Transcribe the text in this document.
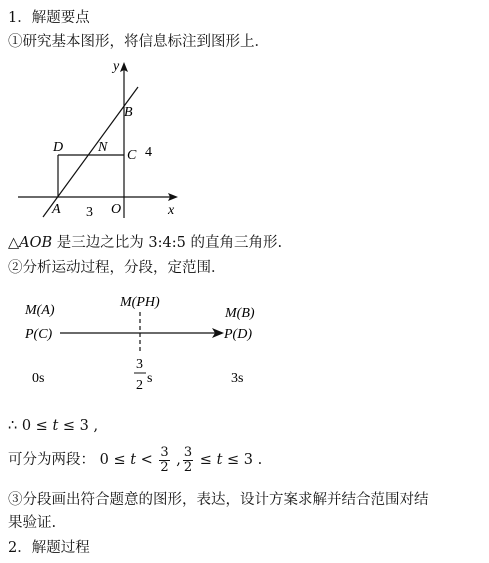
1．解题要点
①研究基本图形，将信息标注到图形上．
y
x
B
D N
C 4
A 3 O
△AOB 是三边之比为 3:4:5 的直角三角形.
②分析运动过程，分段，定范围．
M(A)
P(C)
M(PH)
M(B)
P(D)
0s
3
2 s	3s
∴ 0 ≤ t ≤ 3 ,
可分为两段： $0 \le t < \frac{3}{2}$ , $\frac{3}{2} \le t \le 3$ .
③分段画出符合题意的图形，表达，设计方案求解并结合范围对结
果验证.
2．解题过程
